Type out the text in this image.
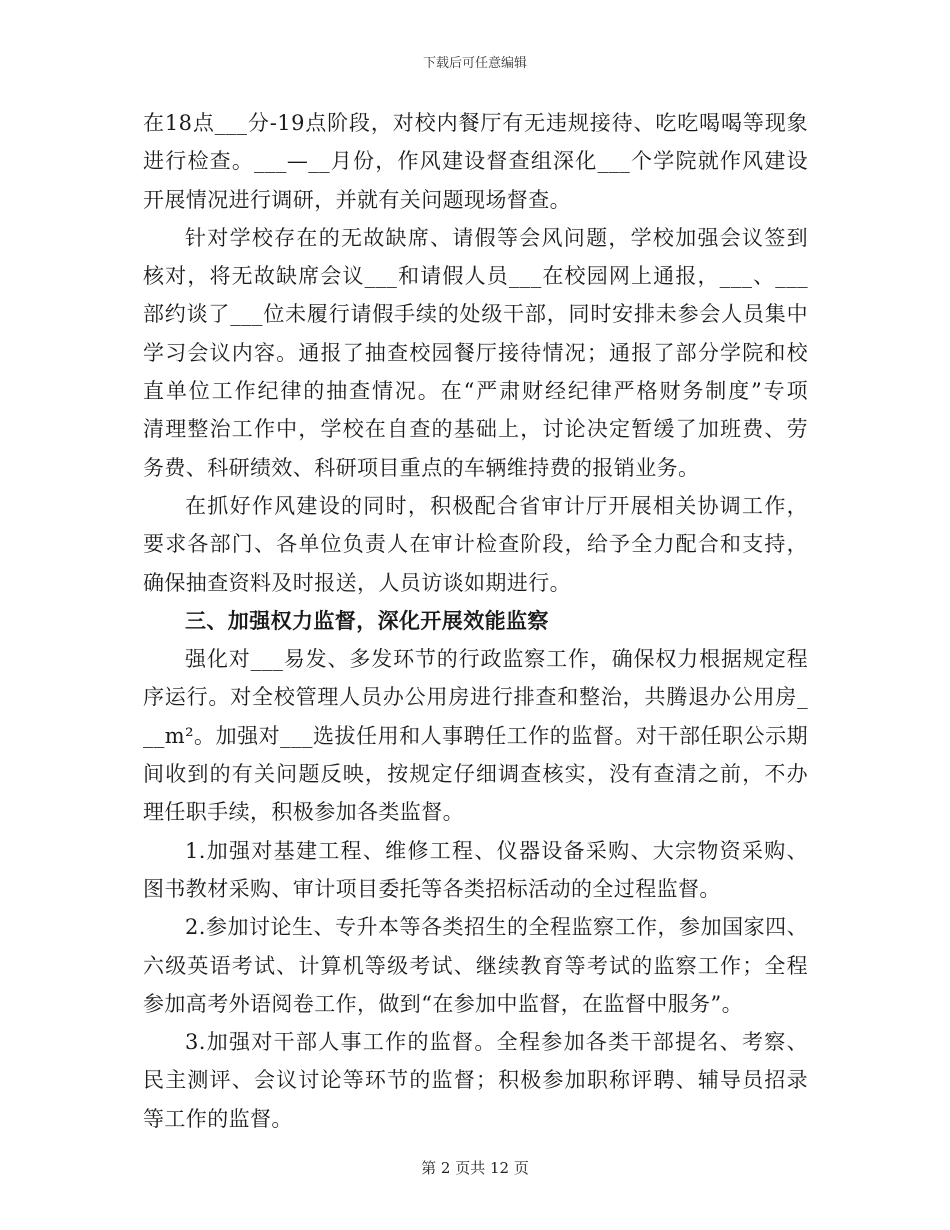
下载后可任意编辑
在18点___分-19点阶段，对校内餐厅有无违规接待、吃吃喝喝等现象
进行检查。___—__月份，作风建设督查组深化___个学院就作风建设
开展情况进行调研，并就有关问题现场督查。
针对学校存在的无故缺席、请假等会风问题，学校加强会议签到
核对，将无故缺席会议___和请假人员___在校园网上通报，___、___
部约谈了___位未履行请假手续的处级干部，同时安排未参会人员集中
学习会议内容。通报了抽查校园餐厅接待情况；通报了部分学院和校
直单位工作纪律的抽查情况。在“严肃财经纪律严格财务制度”专项
清理整治工作中，学校在自查的基础上，讨论决定暂缓了加班费、劳
务费、科研绩效、科研项目重点的车辆维持费的报销业务。
在抓好作风建设的同时，积极配合省审计厅开展相关协调工作，
要求各部门、各单位负责人在审计检查阶段，给予全力配合和支持，
确保抽查资料及时报送，人员访谈如期进行。
三、加强权力监督，深化开展效能监察
强化对___易发、多发环节的行政监察工作，确保权力根据规定程
序运行。对全校管理人员办公用房进行排查和整治，共腾退办公用房_
__m²。加强对___选拔任用和人事聘任工作的监督。对干部任职公示期
间收到的有关问题反映，按规定仔细调查核实，没有查清之前，不办
理任职手续，积极参加各类监督。
1.加强对基建工程、维修工程、仪器设备采购、大宗物资采购、
图书教材采购、审计项目委托等各类招标活动的全过程监督。
2.参加讨论生、专升本等各类招生的全程监察工作，参加国家四、
六级英语考试、计算机等级考试、继续教育等考试的监察工作；全程
参加高考外语阅卷工作，做到“在参加中监督，在监督中服务”。
3.加强对干部人事工作的监督。全程参加各类干部提名、考察、
民主测评、会议讨论等环节的监督；积极参加职称评聘、辅导员招录
等工作的监督。
第 2 页共 12 页
